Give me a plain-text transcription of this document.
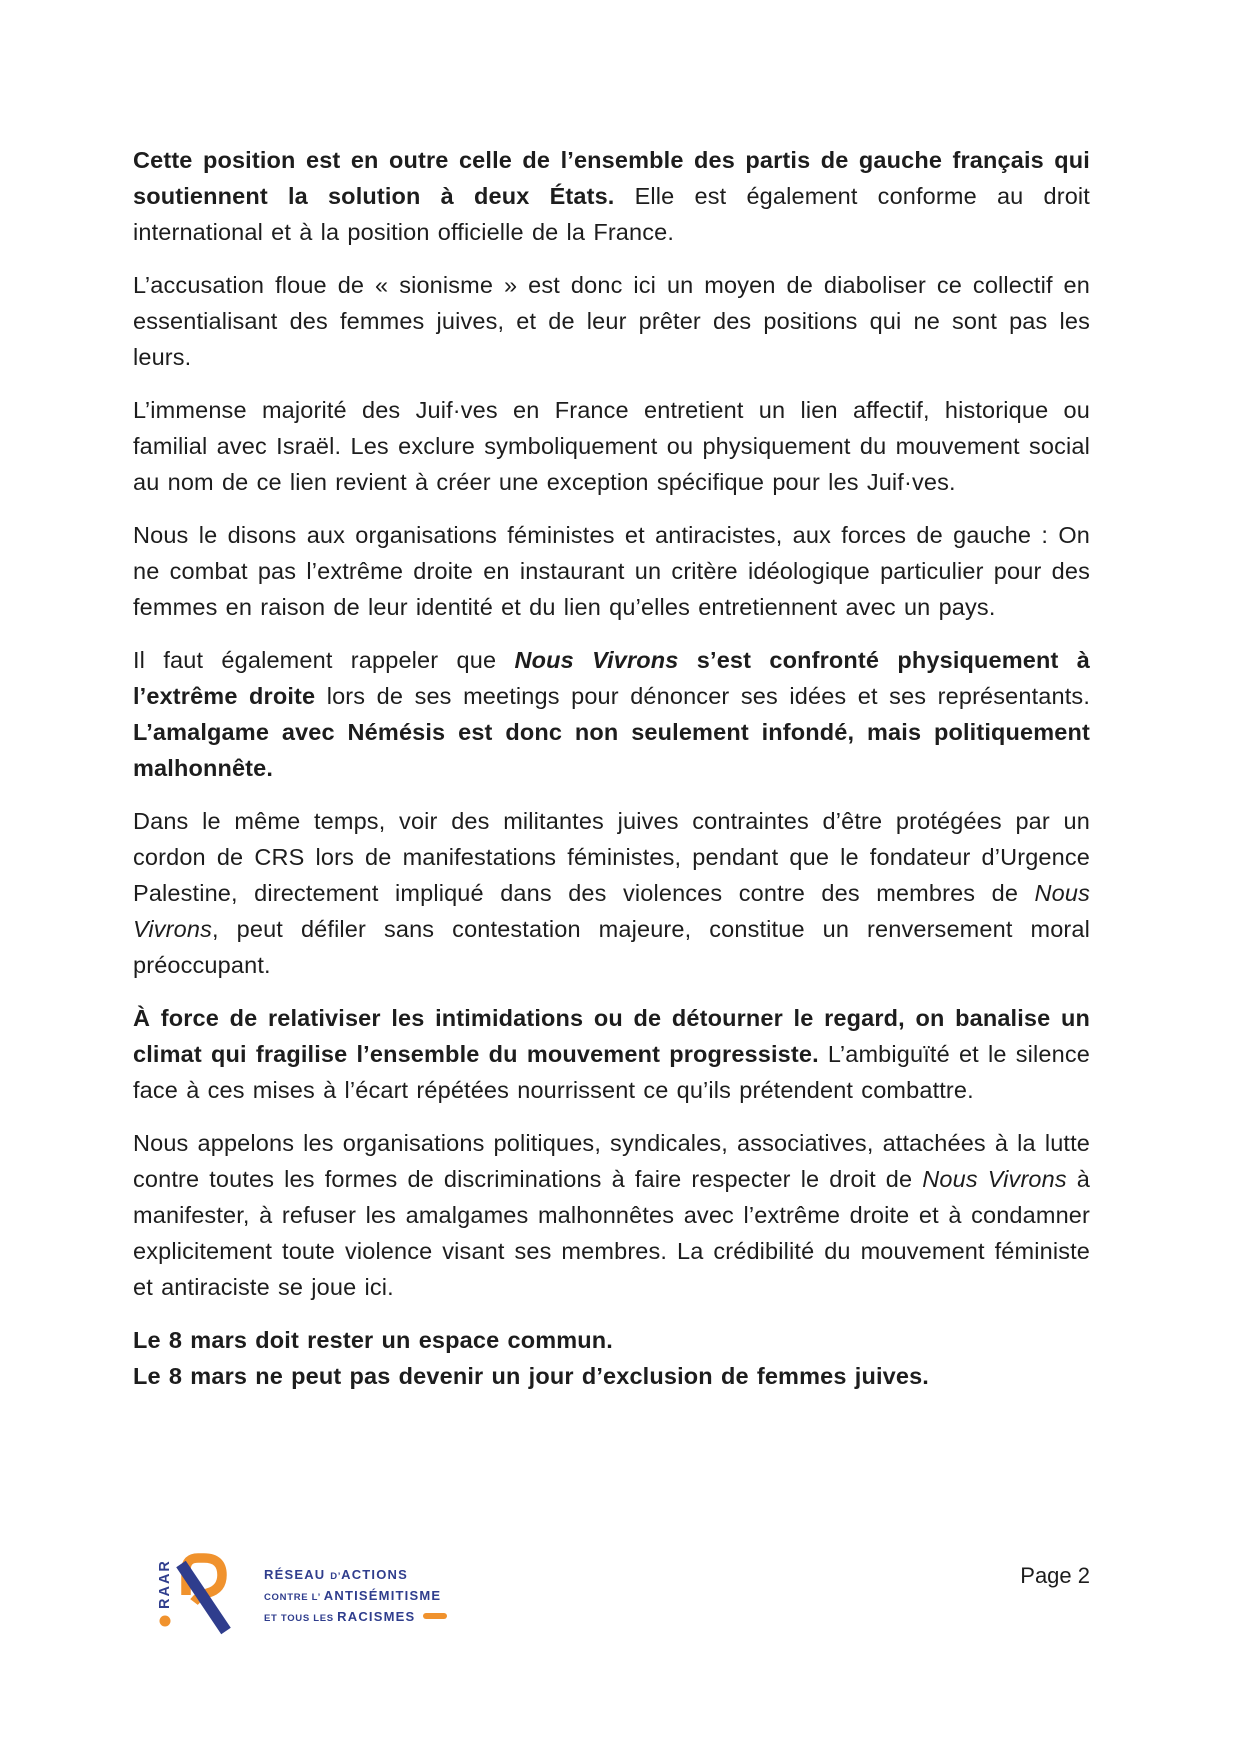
Cette position est en outre celle de l’ensemble des partis de gauche français qui soutiennent la solution à deux États. Elle est également conforme au droit international et à la position officielle de la France.

L’accusation floue de « sionisme » est donc ici un moyen de diaboliser ce collectif en essentialisant des femmes juives, et de leur prêter des positions qui ne sont pas les leurs.

L’immense majorité des Juif·ves en France entretient un lien affectif, historique ou familial avec Israël. Les exclure symboliquement ou physiquement du mouvement social au nom de ce lien revient à créer une exception spécifique pour les Juif·ves.

Nous le disons aux organisations féministes et antiracistes, aux forces de gauche : On ne combat pas l’extrême droite en instaurant un critère idéologique particulier pour des femmes en raison de leur identité et du lien qu’elles entretiennent avec un pays.

Il faut également rappeler que Nous Vivrons s’est confronté physiquement à l’extrême droite lors de ses meetings pour dénoncer ses idées et ses représentants. L’amalgame avec Némésis est donc non seulement infondé, mais politiquement malhonnête.

Dans le même temps, voir des militantes juives contraintes d’être protégées par un cordon de CRS lors de manifestations féministes, pendant que le fondateur d’Urgence Palestine, directement impliqué dans des violences contre des membres de Nous Vivrons, peut défiler sans contestation majeure, constitue un renversement moral préoccupant.

À force de relativiser les intimidations ou de détourner le regard, on banalise un climat qui fragilise l’ensemble du mouvement progressiste. L’ambiguïté et le silence face à ces mises à l’écart répétées nourrissent ce qu’ils prétendent combattre.

Nous appelons les organisations politiques, syndicales, associatives, attachées à la lutte contre toutes les formes de discriminations à faire respecter le droit de Nous Vivrons à manifester, à refuser les amalgames malhonnêtes avec l’extrême droite et à condamner explicitement toute violence visant ses membres. La crédibilité du mouvement féministe et antiraciste se joue ici.

Le 8 mars doit rester un espace commun.
Le 8 mars ne peut pas devenir un jour d’exclusion de femmes juives.

RAAR	RÉSEAU D’ACTIONS
CONTRE L’ ANTISÉMITISME
ET TOUS LES RACISMES
Page 2
